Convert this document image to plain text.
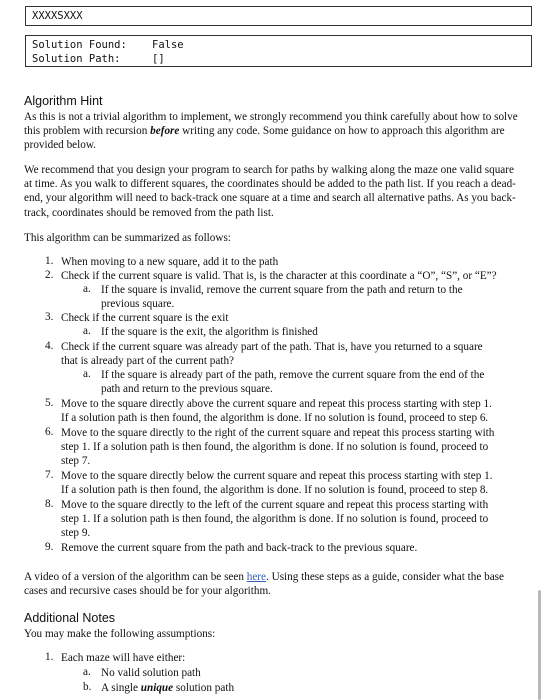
XXXXSXXX
Solution Found: False
Solution Path:	[]
Algorithm Hint
As this is not a trivial algorithm to implement, we strongly recommend you think carefully about how to solve this problem with recursion before writing any code. Some guidance on how to approach this algorithm are provided below.
We recommend that you design your program to search for paths by walking along the maze one valid square at time. As you walk to different squares, the coordinates should be added to the path list. If you reach a dead-end, your algorithm will need to back-track one square at a time and search all alternative paths. As you back-track, coordinates should be removed from the path list.
This algorithm can be summarized as follows:
1. When moving to a new square, add it to the path
2. Check if the current square is valid. That is, is the character at this coordinate a “O”, “S”, or “E”?
a. If the square is invalid, remove the current square from the path and return to the
previous square.
3. Check if the current square is the exit
a. If the square is the exit, the algorithm is finished
4. Check if the current square was already part of the path. That is, have you returned to a square
that is already part of the current path?
a. If the square is already part of the path, remove the current square from the end of the
path and return to the previous square.
5. Move to the square directly above the current square and repeat this process starting with step 1.
If a solution path is then found, the algorithm is done. If no solution is found, proceed to step 6.
6. Move to the square directly to the right of the current square and repeat this process starting with
step 1. If a solution path is then found, the algorithm is done. If no solution is found, proceed to
step 7.
7. Move to the square directly below the current square and repeat this process starting with step 1.
If a solution path is then found, the algorithm is done. If no solution is found, proceed to step 8.
8. Move to the square directly to the left of the current square and repeat this process starting with
step 1. If a solution path is then found, the algorithm is done. If no solution is found, proceed to
step 9.
9. Remove the current square from the path and back-track to the previous square.
A video of a version of the algorithm can be seen here. Using these steps as a guide, consider what the base cases and recursive cases should be for your algorithm.
Additional Notes
You may make the following assumptions:
1. Each maze will have either:
a. No valid solution path
b. A single unique solution path
